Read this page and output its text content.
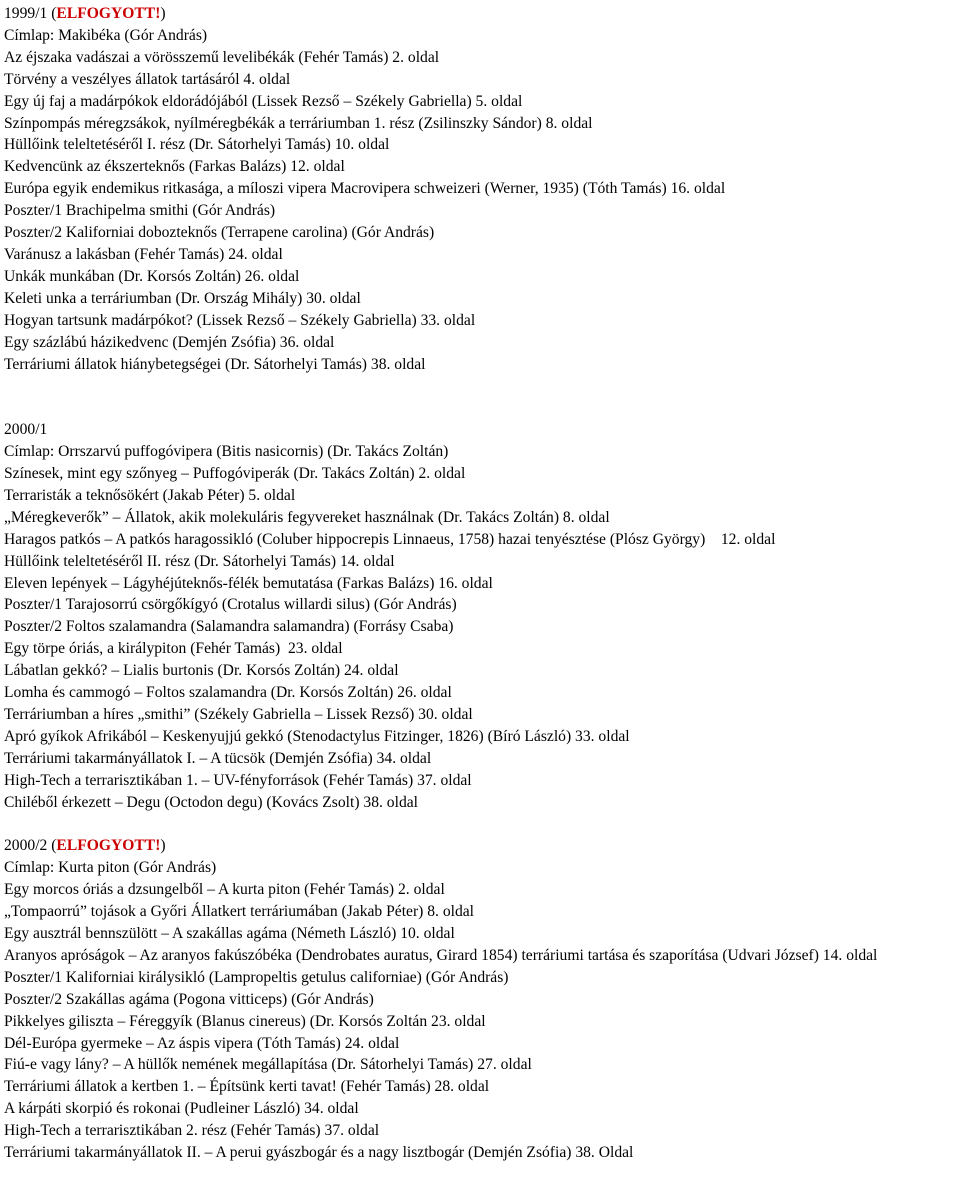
1999/1 (ELFOGYOTT!)
Címlap: Makibéka (Gór András)
Az éjszaka vadászai a vörösszemű levelibékák (Fehér Tamás) 2. oldal
Törvény a veszélyes állatok tartásáról 4. oldal
Egy új faj a madárpókok eldorádójából (Lissek Rezső – Székely Gabriella) 5. oldal
Színpompás méregzsákok, nyílméregbékák a terráriumban 1. rész (Zsilinszky Sándor) 8. oldal
Hüllőink teleltetéséről I. rész (Dr. Sátorhelyi Tamás) 10. oldal
Kedvencünk az ékszerteknős (Farkas Balázs) 12. oldal
Európa egyik endemikus ritkasága, a míloszi vipera Macrovipera schweizeri (Werner, 1935) (Tóth Tamás) 16. oldal
Poszter/1 Brachipelma smithi (Gór András)
Poszter/2 Kaliforniai dobozteknős (Terrapene carolina) (Gór András)
Varánusz a lakásban (Fehér Tamás) 24. oldal
Unkák munkában (Dr. Korsós Zoltán) 26. oldal
Keleti unka a terráriumban (Dr. Ország Mihály) 30. oldal
Hogyan tartsunk madárpókot? (Lissek Rezső – Székely Gabriella) 33. oldal
Egy százlábú házikedvenc (Demjén Zsófia) 36. oldal
Terráriumi állatok hiánybetegségei (Dr. Sátorhelyi Tamás) 38. oldal
2000/1
Címlap: Orrszarvú puffogóvipera (Bitis nasicornis) (Dr. Takács Zoltán)
Színesek, mint egy szőnyeg – Puffogóviperák (Dr. Takács Zoltán) 2. oldal
Terraristák a teknősökért (Jakab Péter) 5. oldal
„Méregkeverők” – Állatok, akik molekuláris fegyvereket használnak (Dr. Takács Zoltán) 8. oldal
Haragos patkós – A patkós haragossikló (Coluber hippocrepis Linnaeus, 1758) hazai tenyésztése (Plósz György)    12. oldal
Hüllőink teleltetéséről II. rész (Dr. Sátorhelyi Tamás) 14. oldal
Eleven lepények – Lágyhéjúteknős-félék bemutatása (Farkas Balázs) 16. oldal
Poszter/1 Tarajosorrú csörgőkígyó (Crotalus willardi silus) (Gór András)
Poszter/2 Foltos szalamandra (Salamandra salamandra) (Forrásy Csaba)
Egy törpe óriás, a királypiton (Fehér Tamás)  23. oldal
Lábatlan gekkó? – Lialis burtonis (Dr. Korsós Zoltán) 24. oldal
Lomha és cammogó – Foltos szalamandra (Dr. Korsós Zoltán) 26. oldal
Terráriumban a híres „smithi” (Székely Gabriella – Lissek Rezső) 30. oldal
Apró gyíkok Afrikából – Keskenyujjú gekkó (Stenodactylus Fitzinger, 1826) (Bíró László) 33. oldal
Terráriumi takarmányállatok I. – A tücsök (Demjén Zsófia) 34. oldal
High-Tech a terrarisztikában 1. – UV-fényforrások (Fehér Tamás) 37. oldal
Chiléből érkezett – Degu (Octodon degu) (Kovács Zsolt) 38. oldal
2000/2 (ELFOGYOTT!)
Címlap: Kurta piton (Gór András)
Egy morcos óriás a dzsungelből – A kurta piton (Fehér Tamás) 2. oldal
„Tompaorrú” tojások a Győri Állatkert terráriumában (Jakab Péter) 8. oldal
Egy ausztrál bennszülött – A szakállas agáma (Németh László) 10. oldal
Aranyos apróságok – Az aranyos fakúszóbéka (Dendrobates auratus, Girard 1854) terráriumi tartása és szaporítása (Udvari József) 14. oldal
Poszter/1 Kaliforniai királysikló (Lampropeltis getulus californiae) (Gór András)
Poszter/2 Szakállas agáma (Pogona vitticeps) (Gór András)
Pikkelyes giliszta – Féreggyík (Blanus cinereus) (Dr. Korsós Zoltán 23. oldal
Dél-Európa gyermeke – Az áspis vipera (Tóth Tamás) 24. oldal
Fiú-e vagy lány? – A hüllők nemének megállapítása (Dr. Sátorhelyi Tamás) 27. oldal
Terráriumi állatok a kertben 1. – Építsünk kerti tavat! (Fehér Tamás) 28. oldal
A kárpáti skorpió és rokonai (Pudleiner László) 34. oldal
High-Tech a terrarisztikában 2. rész (Fehér Tamás) 37. oldal
Terráriumi takarmányállatok II. – A perui gyászbogár és a nagy lisztbogár (Demjén Zsófia) 38. Oldal
